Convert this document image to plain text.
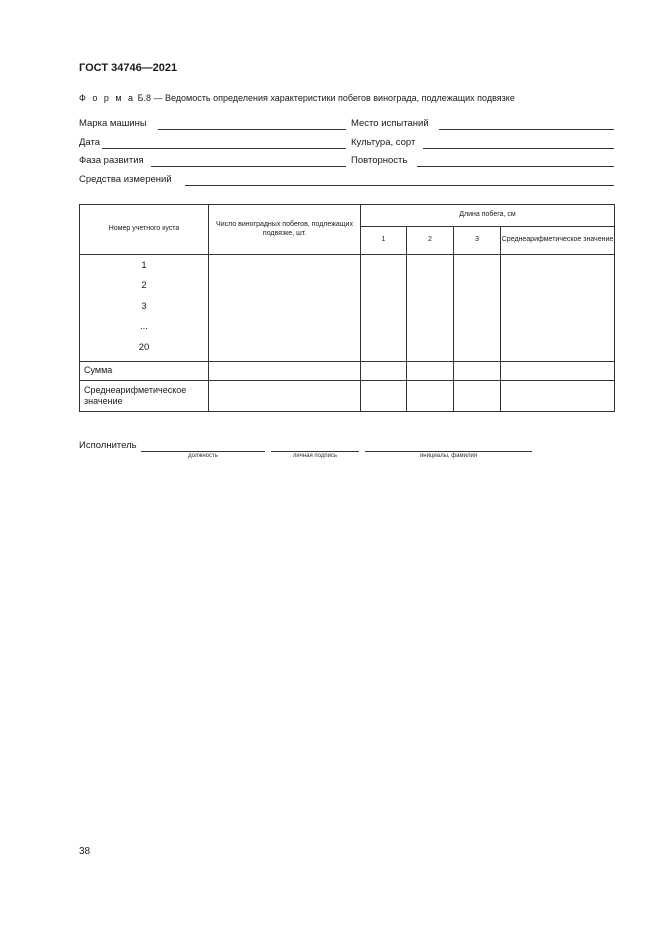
ГОСТ 34746—2021
Ф о р м а Б.8 — Ведомость определения характеристики побегов винограда, подлежащих подвязке
Марка машины	Место испытаний
Дата	Культура, сорт
Фаза развития	Повторность
Средства измерений
Номер учетного куста	Число виноградных побегов, подлежащих подвязке, шт.	Длина побега, см			
		1	2	3	Среднеарифметическое значение

1
2
3
...
20					

Сумма					
Среднеарифметическое значение					
Исполнитель
должность	личная подпись	инициалы, фамилия
38
